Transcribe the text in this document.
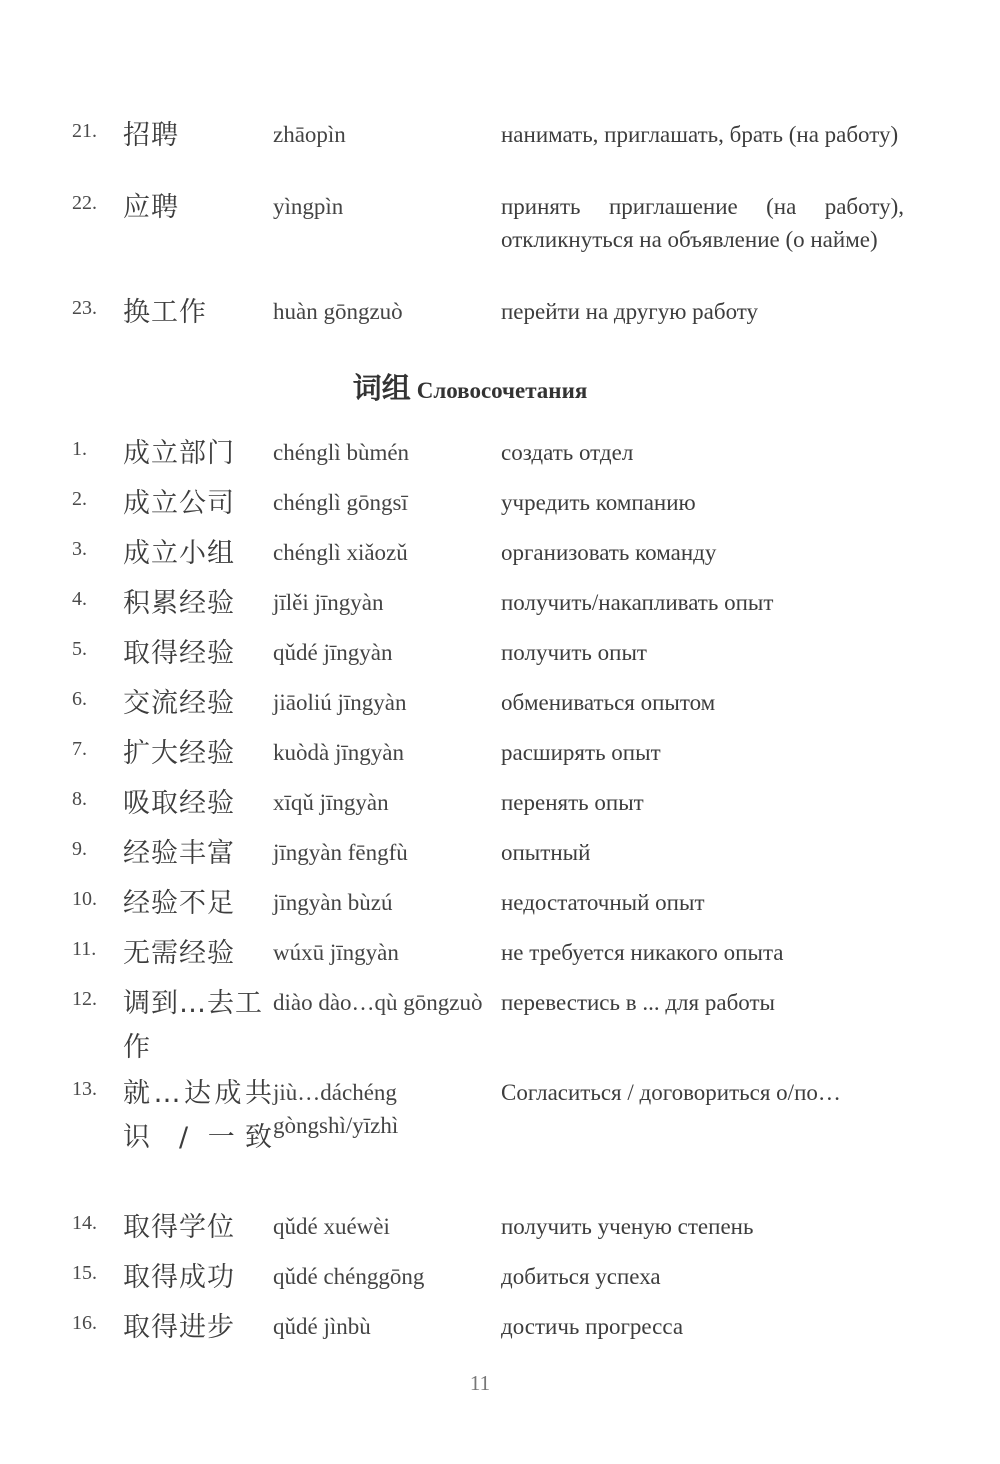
21.	招聘	zhāopìn	нанимать, приглашать, брать (на работу)
22.	应聘	yìngpìn	принять приглашение (на работу), откликнуться на объявление (о найме)
23.	换工作	huàn gōngzuò	перейти на другую работу
词组 Словосочетания
1.	成立部门	chénglì bùmén	создать отдел
2.	成立公司	chénglì gōngsī	учредить компанию
3.	成立小组	chénglì xiǎozǔ	организовать команду
4.	积累经验	jīlěi jīngyàn	получить/накапливать опыт
5.	取得经验	qǔdé jīngyàn	получить опыт
6.	交流经验	jiāoliú jīngyàn	обмениваться опытом
7.	扩大经验	kuòdà jīngyàn	расширять опыт
8.	吸取经验	xīqǔ jīngyàn	перенять опыт
9.	经验丰富	jīngyàn fēngfù	опытный
10.	经验不足	jīngyàn bùzú	недостаточный опыт
11.	无需经验	wúxū jīngyàn	не требуется никакого опыта
12.	调到…去工作	diào dào…qù gōngzuò	перевестись в ... для работы
13.	就…达成共识 / 一致	jiù…dáchéng gòngshì/yīzhì	Согласиться / договориться о/по…
14.	取得学位	qǔdé xuéwèi	получить ученую степень
15.	取得成功	qǔdé chénggōng	добиться успеха
16.	取得进步	qǔdé jìnbù	достичь прогресса
11
